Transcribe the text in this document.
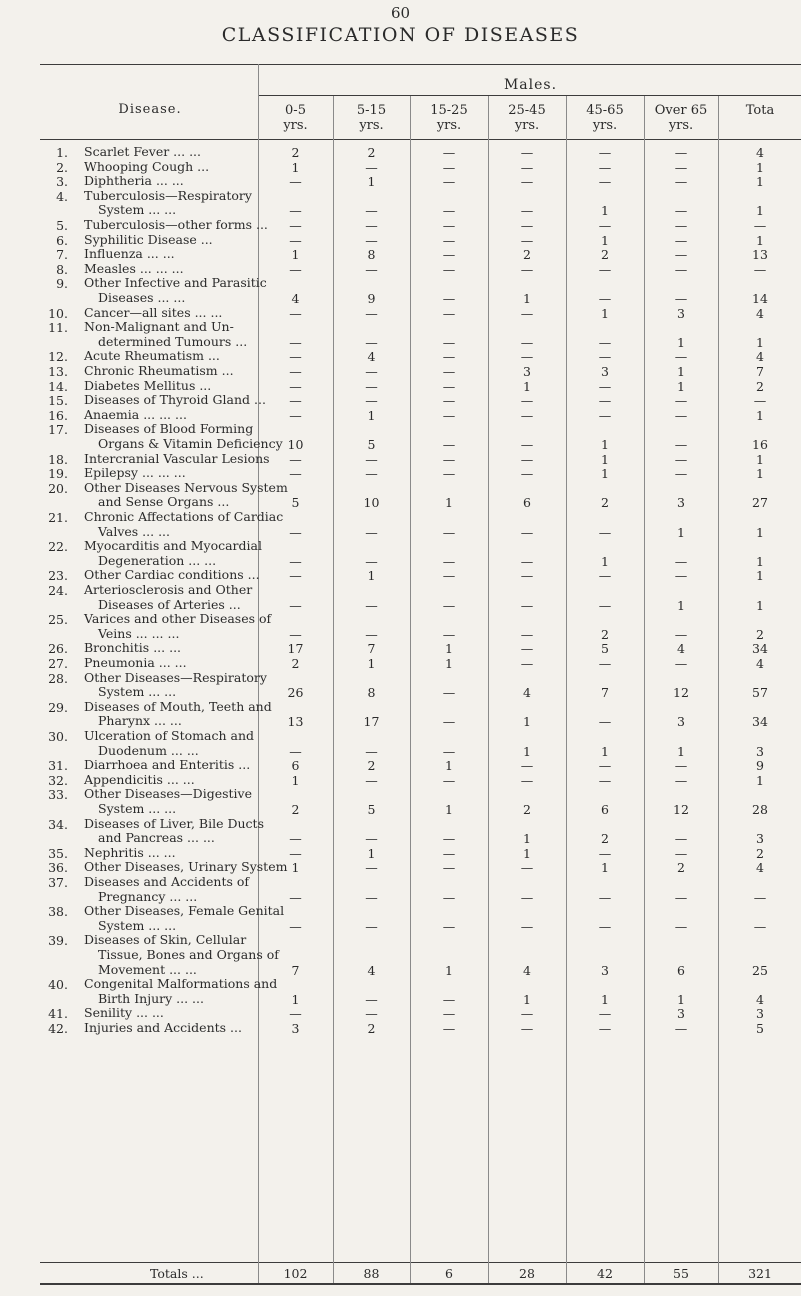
60
CLASSIFICATION OF DISEASES
Males.
Disease.	0-5
yrs.
5-15
yrs.
15-25
yrs.
25-45
yrs.
45-65
yrs.
Over 65
yrs.
Tota
1. Scarlet Fever ... ...	2	2	—	—	—	—	4
2. Whooping Cough ...	1	—	—	—	—	—	1
3. Diphtheria ... ...	—	1	—	—	—	—	1
4. Tuberculosis—Respiratory
System ... ...	—	—	—	—	1	—	1
5. Tuberculosis—other forms ...	—	—	—	—	—	—	—
6. Syphilitic Disease ...	—	—	—	—	1	—	1
7. Influenza ... ...	1	8	—	2	2	—	13
8. Measles ... ... ...	—	—	—	—	—	—	—
9. Other Infective and Parasitic
Diseases ... ...	4	9	—	1	—	—	14
10. Cancer—all sites ... ...	—	—	—	—	1	3	4
11. Non-Malignant and Un-
determined Tumours ...	—	—	—	—	—	1	1
12. Acute Rheumatism ...	—	4	—	—	—	—	4
13. Chronic Rheumatism ...	—	—	—	3	3	1	7
14. Diabetes Mellitus ...	—	—	—	1	—	1	2
15. Diseases of Thyroid Gland ...	—	—	—	—	—	—	—
16. Anaemia ... ... ...	—	1	—	—	—	—	1
17. Diseases of Blood Forming
Organs & Vitamin Deficiency 10	5	—	—	1	—	16
18. Intercranial Vascular Lesions	—	—	—	—	1	—	1
19. Epilepsy ... ... ...	—	—	—	—	1	—	1
20. Other Diseases Nervous System
and Sense Organs ...	5	10	1	6	2	3	27
21. Chronic Affectations of Cardiac
Valves ... ...	—	—	—	—	—	1	1
22. Myocarditis and Myocardial
Degeneration ... ...	—	—	—	—	1	—	1
23. Other Cardiac conditions ...	—	1	—	—	—	—	1
24. Arteriosclerosis and Other
Diseases of Arteries ...	—	—	—	—	—	1	1
25. Varices and other Diseases of
Veins ... ... ...	—	—	—	—	2	—	2
26. Bronchitis ... ...	17	7	1	—	5	4	34
27. Pneumonia ... ...	2	1	1	—	—	—	4
28. Other Diseases—Respiratory
System ... ...	26	8	—	4	7	12	57
29. Diseases of Mouth, Teeth and
Pharynx ... ...	13	17	—	1	—	3	34
30. Ulceration of Stomach and
Duodenum ... ...	—	—	—	1	1	1	3
31. Diarrhoea and Enteritis ...	6	2	1	—	—	—	9
32. Appendicitis ... ...	1	—	—	—	—	—	1
33. Other Diseases—Digestive
System ... ...	2	5	1	2	6	12	28
34. Diseases of Liver, Bile Ducts
and Pancreas ... ...	—	—	—	1	2	—	3
35. Nephritis ... ...	—	1	—	1	—	—	2
36. Other Diseases, Urinary System 1	—	—	—	1	2	4
37. Diseases and Accidents of
Pregnancy ... ...	—	—	—	—	—	—	—
38. Other Diseases, Female Genital
System ... ...	—	—	—	—	—	—	—
39. Diseases of Skin, Cellular
Tissue, Bones and Organs of
Movement ... ...	7	4	1	4	3	6	25
40. Congenital Malformations and
Birth Injury ... ...	1	—	—	1	1	1	4
41. Senility ... ...	—	—	—	—	—	3	3
42. Injuries and Accidents ...	3	2	—	—	—	—	5
Totals ...	102	88	6	28	42	55	321
